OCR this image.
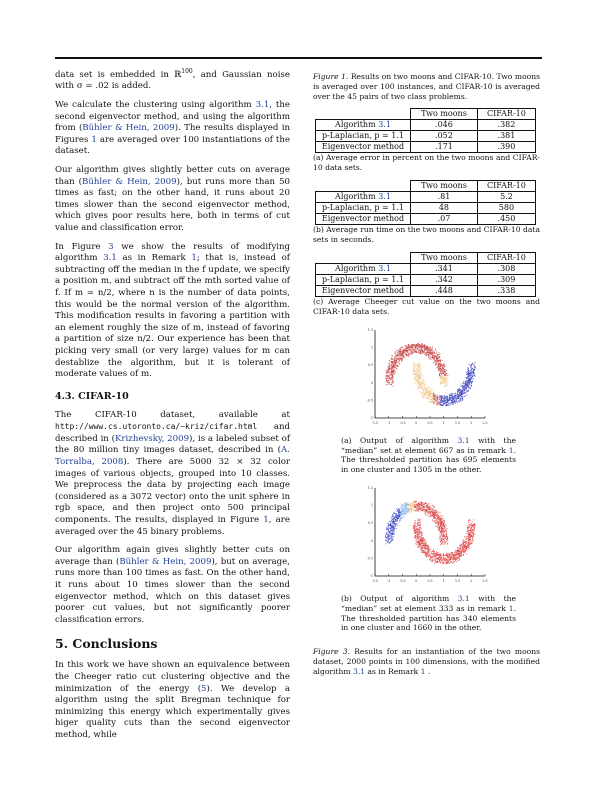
data set is embedded in ℝ$^{100}$, and Gaussian noise with σ = .02 is added.

We calculate the clustering using algorithm 3.1, the second eigenvector method, and using the algorithm from (Bühler & Hein, 2009). The results displayed in Figures 1 are averaged over 100 instantiations of the dataset.

Our algorithm gives slightly better cuts on average than (Bühler & Hein, 2009), but runs more than 50 times as fast; on the other hand, it runs about 20 times slower than the second eigenvector method, which gives poor results here, both in terms of cut value and classification error.

In Figure 3 we show the results of modifying algorithm 3.1 as in Remark 1; that is, instead of subtracting off the median in the f update, we specify a position m, and subtract off the mth sorted value of f. If m = n/2, where n is the number of data points, this would be the normal version of the algorithm. This modification results in favoring a partition with an element roughly the size of m, instead of favoring a partition of size n/2. Our experience has been that picking very small (or very large) values for m can destablize the algorithm, but it is tolerant of moderate values of m.

4.3. CIFAR-10

The CIFAR-10 dataset, available at http://www.cs.utoronto.ca/~kriz/cifar.html and described in (Krizhevsky, 2009), is a labeled subset of the 80 million tiny images dataset, described in (A. Torralba, 2008). There are 5000 32 × 32 color images of various objects, grouped into 10 classes. We preprocess the data by projecting each image (considered as a 3072 vector) onto the unit sphere in rgb space, and then project onto 500 principal components. The results, displayed in Figure 1, are averaged over the 45 binary problems.

Our algorithm again gives slightly better cuts on average than (Bühler & Hein, 2009), but on average, runs more than 100 times as fast. On the other hand, it runs about 10 times slower than the second eigenvector method, which on this dataset gives poorer cut values, but not significantly poorer classification errors.

5. Conclusions

In this work we have shown an equivalence between the Cheeger ratio cut clustering objective and the minimization of the energy (5). We develop a algorithm using the split Bregman technique for minimizing this energy which experimentally gives higer quality cuts than the second eigenvector method, while

Figure 1. Results on two moons and CIFAR-10. Two moons is averaged over 100 instances, and CIFAR-10 is averaged over the 45 pairs of two class problems.
	Two moons	CIFAR-10
Algorithm 3.1	.046	.382
p-Laplacian, p = 1.1	.052	.381
Eigenvector method	.171	.390
(a) Average error in percent on the two moons and CIFAR-10 data sets.
	Two moons	CIFAR-10
Algorithm 3.1	.81	5.2
p-Laplacian, p = 1.1	48	580
Eigenvector method	.07	.450
(b) Average run time on the two moons and CIFAR-10 data sets in seconds.
	Two moons	CIFAR-10
Algorithm 3.1	.341	.308
p-Laplacian, p = 1.1	.342	.309
Eigenvector method	.448	.338
(c) Average Cheeger cut value on the two moons and CIFAR-10 data sets.
-1.5	-1	-0.5	0	0.5	1	1.5	2	2.5
1.5
1
0.5
0
-0.5
-1
(a) Output of algorithm 3.1 with the “median” set at element 667 as in remark 1. The thresholded partition has 695 elements in one cluster and 1305 in the other.
-1.5	-1	-0.5	0	0.5	1	1.5	2	2.5
1.5
1
0.5
0
-0.5
-1
(b) Output of algorithm 3.1 with the “median” set at element 333 as in remark 1. The thresholded partition has 340 elements in one cluster and 1660 in the other.
Figure 3. Results for an instantiation of the two moons dataset, 2000 points in 100 dimensions, with the modified algorithm 3.1 as in Remark 1 .
